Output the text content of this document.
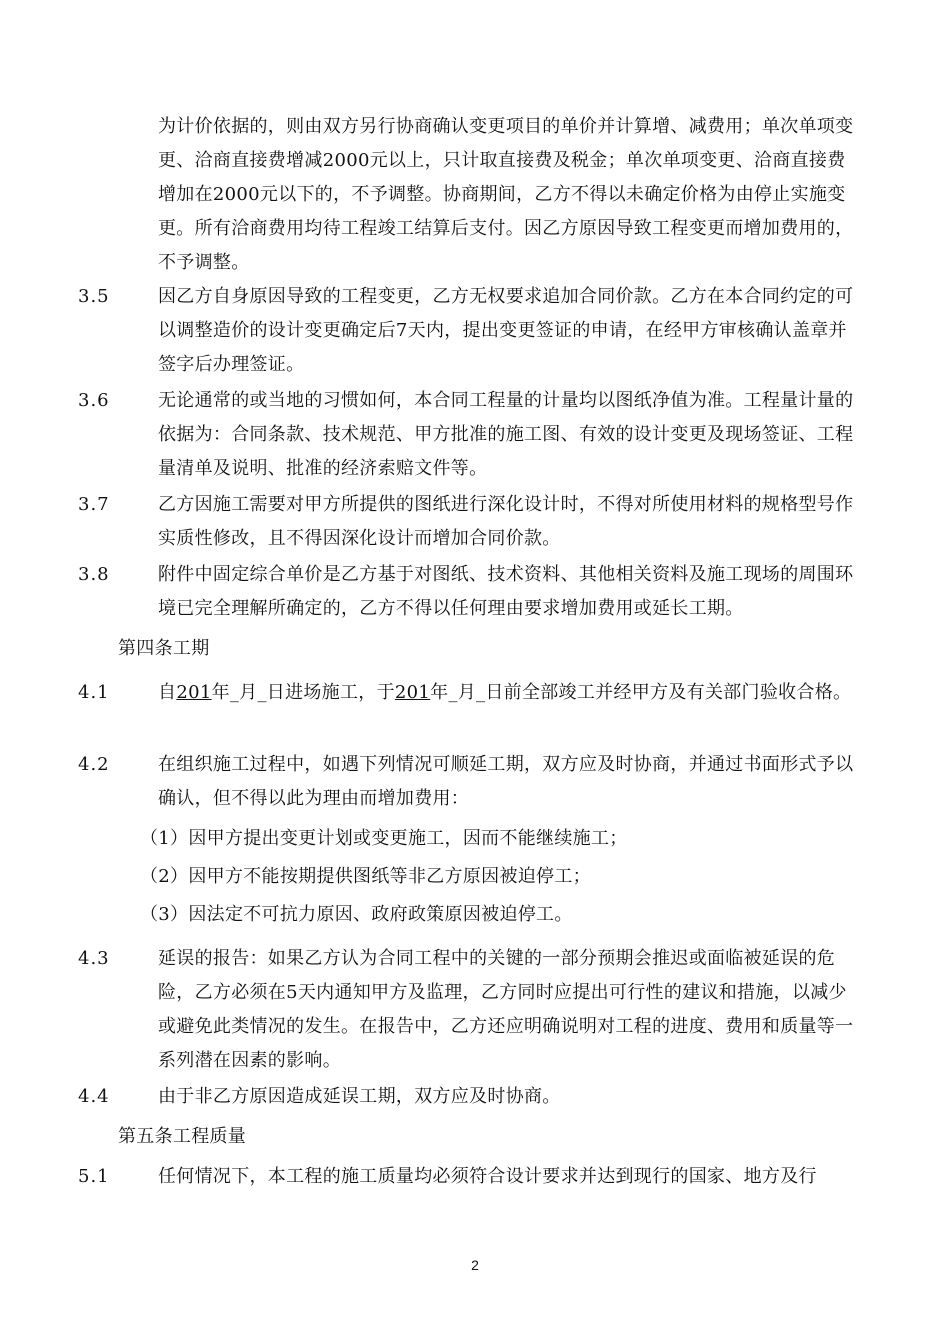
为计价依据的，则由双方另行协商确认变更项目的单价并计算增、减费用；单次单项变更、洽商直接费增减2000元以上，只计取直接费及税金；单次单项变更、洽商直接费增加在2000元以下的，不予调整。协商期间，乙方不得以未确定价格为由停止实施变更。所有洽商费用均待工程竣工结算后支付。因乙方原因导致工程变更而增加费用的，不予调整。

3.5	因乙方自身原因导致的工程变更，乙方无权要求追加合同价款。乙方在本合同约定的可以调整造价的设计变更确定后7天内，提出变更签证的申请，在经甲方审核确认盖章并签字后办理签证。

3.6	无论通常的或当地的习惯如何，本合同工程量的计量均以图纸净值为准。工程量计量的依据为：合同条款、技术规范、甲方批准的施工图、有效的设计变更及现场签证、工程量清单及说明、批准的经济索赔文件等。

3.7	乙方因施工需要对甲方所提供的图纸进行深化设计时，不得对所使用材料的规格型号作实质性修改，且不得因深化设计而增加合同价款。

3.8	附件中固定综合单价是乙方基于对图纸、技术资料、其他相关资料及施工现场的周围环境已完全理解所确定的，乙方不得以任何理由要求增加费用或延长工期。

第四条工期

4.1	自201年_月_日进场施工，于201年_月_日前全部竣工并经甲方及有关部门验收合格。

4.2	在组织施工过程中，如遇下列情况可顺延工期，双方应及时协商，并通过书面形式予以确认，但不得以此为理由而增加费用：

（1）因甲方提出变更计划或变更施工，因而不能继续施工；

（2）因甲方不能按期提供图纸等非乙方原因被迫停工；

（3）因法定不可抗力原因、政府政策原因被迫停工。

4.3	延误的报告：如果乙方认为合同工程中的关键的一部分预期会推迟或面临被延误的危险，乙方必须在5天内通知甲方及监理，乙方同时应提出可行性的建议和措施，以减少或避免此类情况的发生。在报告中，乙方还应明确说明对工程的进度、费用和质量等一系列潜在因素的影响。

4.4	由于非乙方原因造成延误工期，双方应及时协商。

第五条工程质量

5.1	任何情况下，本工程的施工质量均必须符合设计要求并达到现行的国家、地方及行

2
